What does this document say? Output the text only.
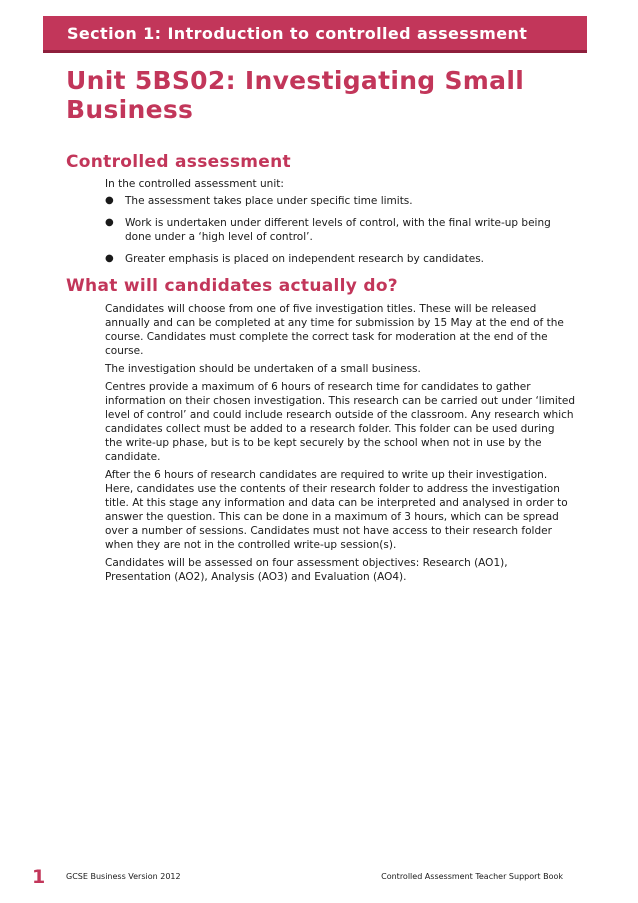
Section 1: Introduction to controlled assessment
Unit 5BS02: Investigating Small Business
Controlled assessment
In the controlled assessment unit:
● The assessment takes place under specific time limits.
● Work is undertaken under different levels of control, with the final write-up being done under a ‘high level of control’.
● Greater emphasis is placed on independent research by candidates.
What will candidates actually do?

Candidates will choose from one of five investigation titles. These will be released annually and can be completed at any time for submission by 15 May at the end of the course. Candidates must complete the correct task for moderation at the end of the course.

The investigation should be undertaken of a small business.

Centres provide a maximum of 6 hours of research time for candidates to gather information on their chosen investigation. This research can be carried out under ‘limited level of control’ and could include research outside of the classroom. Any research which candidates collect must be added to a research folder. This folder can be used during the write-up phase, but is to be kept securely by the school when not in use by the candidate.

After the 6 hours of research candidates are required to write up their investigation. Here, candidates use the contents of their research folder to address the investigation title. At this stage any information and data can be interpreted and analysed in order to answer the question. This can be done in a maximum of 3 hours, which can be spread over a number of sessions. Candidates must not have access to their research folder when they are not in the controlled write-up session(s).

Candidates will be assessed on four assessment objectives: Research (AO1), Presentation (AO2), Analysis (AO3) and Evaluation (AO4).

1	GCSE Business Version 2012	Controlled Assessment Teacher Support Book
